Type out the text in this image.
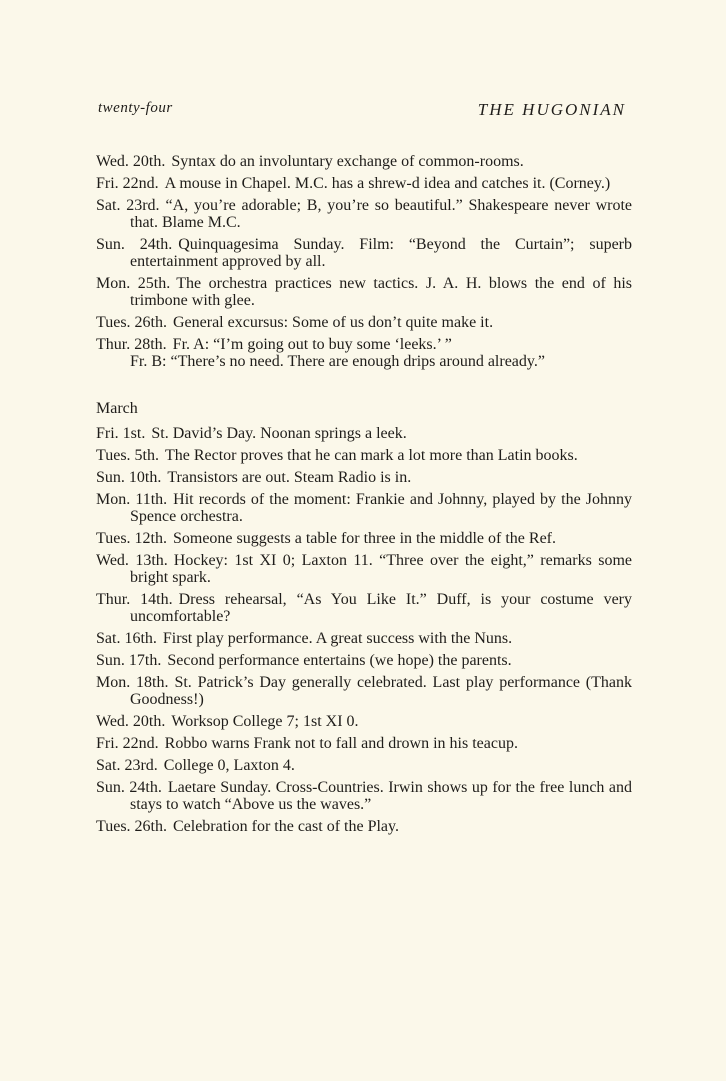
twenty-four	THE HUGONIAN

Wed. 20th. Syntax do an involuntary exchange of common-rooms.

Fri. 22nd. A mouse in Chapel. M.C. has a shrew-d idea and catches it. (Corney.)

Sat. 23rd. “A, you’re adorable; B, you’re so beautiful.” Shakespeare never wrote that. Blame M.C.

Sun. 24th. Quinquagesima Sunday. Film: “Beyond the Curtain”; superb entertainment approved by all.

Mon. 25th. The orchestra practices new tactics. J. A. H. blows the end of his trimbone with glee.

Tues. 26th. General excursus: Some of us don’t quite make it.

Thur. 28th. Fr. A: “I’m going out to buy some ‘leeks.’ ”
Fr. B: “There’s no need. There are enough drips around already.”

March

Fri. 1st. St. David’s Day. Noonan springs a leek.

Tues. 5th. The Rector proves that he can mark a lot more than Latin books.

Sun. 10th. Transistors are out. Steam Radio is in.

Mon. 11th. Hit records of the moment: Frankie and Johnny, played by the Johnny Spence orchestra.

Tues. 12th. Someone suggests a table for three in the middle of the Ref.

Wed. 13th. Hockey: 1st XI 0; Laxton 11. “Three over the eight,” remarks some bright spark.

Thur. 14th. Dress rehearsal, “As You Like It.” Duff, is your costume very uncomfortable?

Sat. 16th. First play performance. A great success with the Nuns.

Sun. 17th. Second performance entertains (we hope) the parents.

Mon. 18th. St. Patrick’s Day generally celebrated. Last play performance (Thank Goodness!)

Wed. 20th. Worksop College 7; 1st XI 0.

Fri. 22nd. Robbo warns Frank not to fall and drown in his teacup.

Sat. 23rd. College 0, Laxton 4.

Sun. 24th. Laetare Sunday. Cross-Countries. Irwin shows up for the free lunch and stays to watch “Above us the waves.”

Tues. 26th. Celebration for the cast of the Play.
